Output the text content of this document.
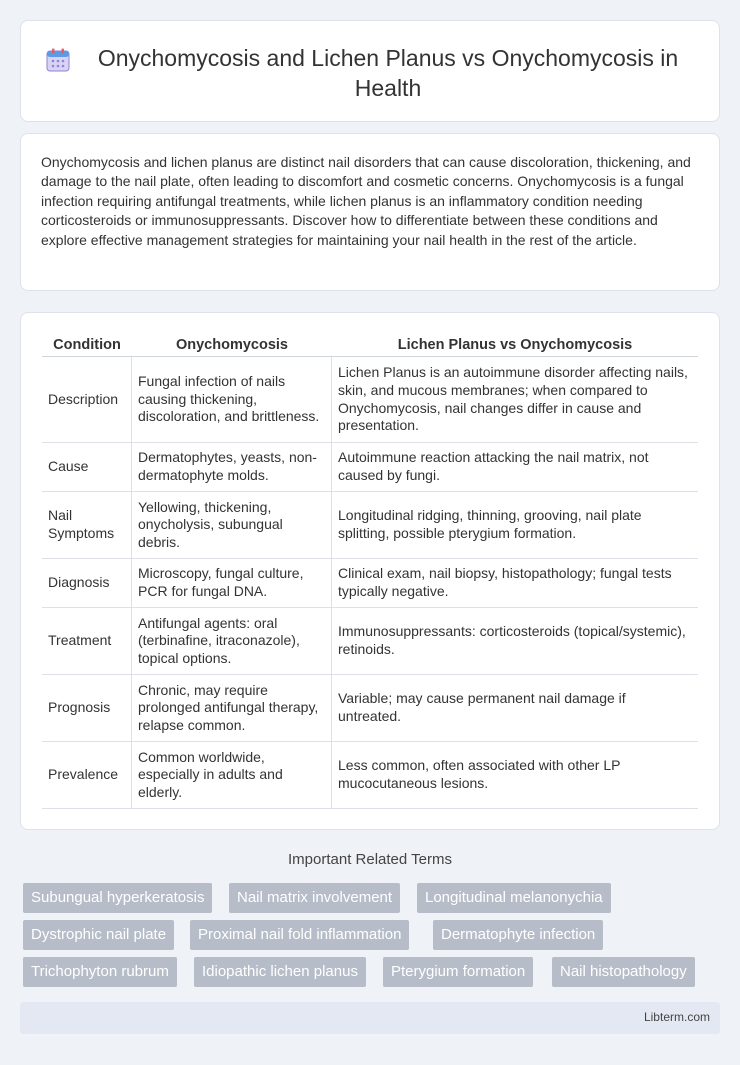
Onychomycosis and Lichen Planus vs Onychomycosis in Health

Onychomycosis and lichen planus are distinct nail disorders that can cause discoloration, thickening, and damage to the nail plate, often leading to discomfort and cosmetic concerns. Onychomycosis is a fungal infection requiring antifungal treatments, while lichen planus is an inflammatory condition needing corticosteroids or immunosuppressants. Discover how to differentiate between these conditions and explore effective management strategies for maintaining your nail health in the rest of the article.

Condition	Onychomycosis	Lichen Planus vs Onychomycosis
Description	Fungal infection of nails causing thickening, discoloration, and brittleness.	Lichen Planus is an autoimmune disorder affecting nails, skin, and mucous membranes; when compared to Onychomycosis, nail changes differ in cause and presentation.
Cause	Dermatophytes, yeasts, non-dermatophyte molds.	Autoimmune reaction attacking the nail matrix, not caused by fungi.
Nail Symptoms	Yellowing, thickening, onycholysis, subungual debris.	Longitudinal ridging, thinning, grooving, nail plate splitting, possible pterygium formation.
Diagnosis	Microscopy, fungal culture, PCR for fungal DNA.	Clinical exam, nail biopsy, histopathology; fungal tests typically negative.
Treatment	Antifungal agents: oral (terbinafine, itraconazole), topical options.	Immunosuppressants: corticosteroids (topical/systemic), retinoids.
Prognosis	Chronic, may require prolonged antifungal therapy, relapse common.	Variable; may cause permanent nail damage if untreated.
Prevalence	Common worldwide, especially in adults and elderly.	Less common, often associated with other LP mucocutaneous lesions.
Important Related Terms
Subungual hyperkeratosis	Nail matrix involvement	Longitudinal melanonychia
Dystrophic nail plate	Proximal nail fold inflammation	Dermatophyte infection
Trichophyton rubrum	Idiopathic lichen planus	Pterygium formation	Nail histopathology
Libterm.com
